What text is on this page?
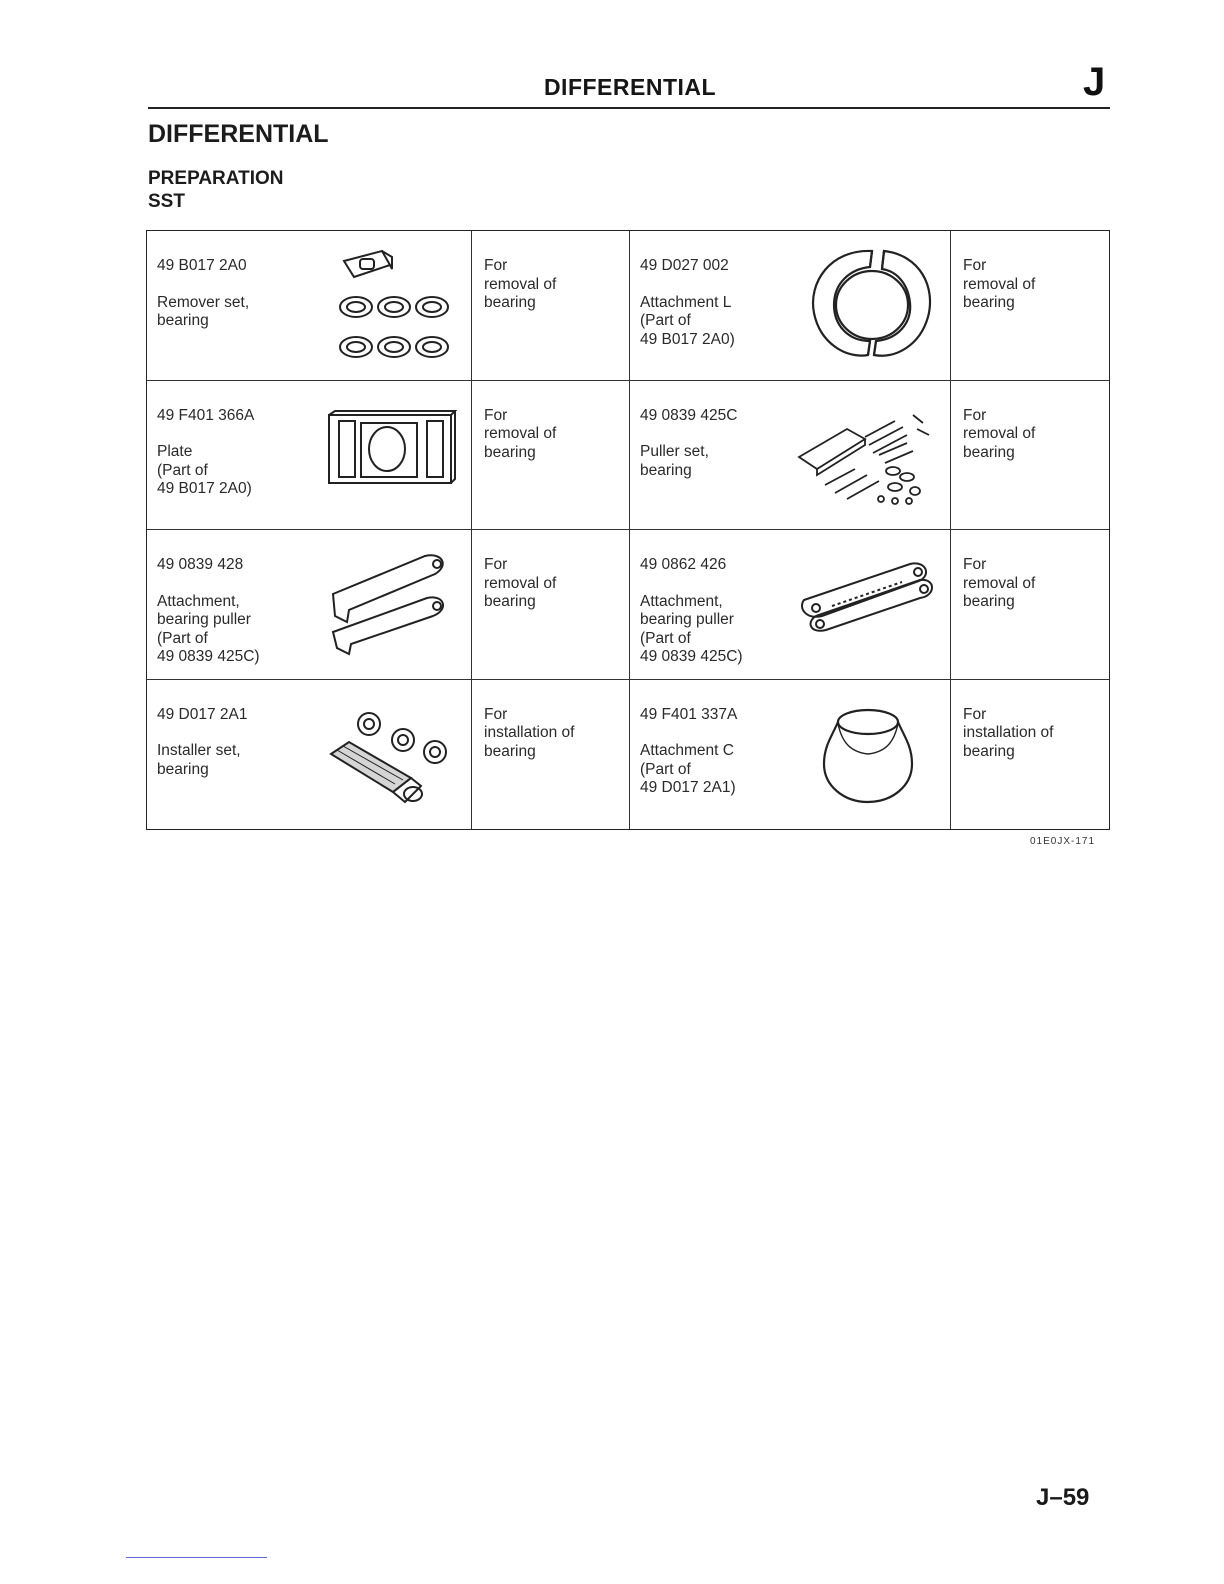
DIFFERENTIAL	J
DIFFERENTIAL
PREPARATION
SST
49 B017 2A0
Remover set,
bearing
For
removal of
bearing
49 D027 002
Attachment L
(Part of
49 B017 2A0)
For
removal of
bearing
49 F401 366A
Plate
(Part of
49 B017 2A0)
For
removal of
bearing
49 0839 425C
Puller set,
bearing
For
removal of
bearing
49 0839 428
Attachment,
bearing puller
(Part of
49 0839 425C)
For
removal of
bearing
49 0862 426
Attachment,
bearing puller
(Part of
49 0839 425C)
For
removal of
bearing
49 D017 2A1
Installer set,
bearing
For
installation of
bearing
49 F401 337A
Attachment C
(Part of
49 D017 2A1)
For
installation of
bearing
01E0JX-171
J–59
